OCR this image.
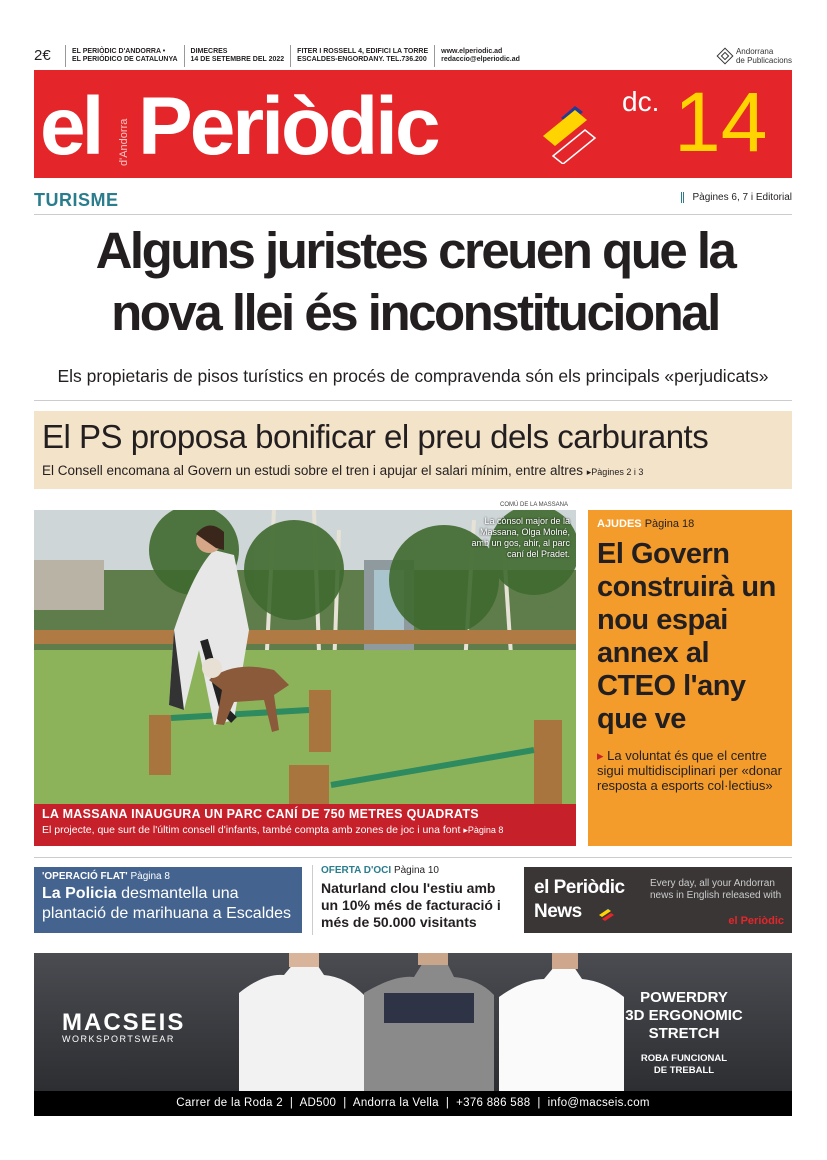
2€	EL PERIÒDIC D'ANDORRA •
EL PERIÓDICO DE CATALUNYA
DIMECRES
14 DE SETEMBRE DEL 2022
FITER I ROSSELL 4, EDIFICI LA TORRE
ESCALDES-ENGORDANY. TEL.736.200
www.elperiodic.ad
redaccio@elperiodic.ad
Andorrana
de Publicacions
el Periòdic
d'Andorra
dc. 14
TURISME	Pàgines 6, 7 i Editorial
Alguns juristes creuen que la
nova llei és inconstitucional
Els propietaris de pisos turístics en procés de compravenda són els principals «perjudicats»
El PS proposa bonificar el preu dels carburants
El Consell encomana al Govern un estudi sobre el tren i apujar el salari mínim, entre altres ▸Pàgines 2 i 3
COMÚ DE LA MASSANA
La cònsol major de la Massana, Olga Molné, amb un gos, ahir, al parc caní del Pradet.
LA MASSANA INAUGURA UN PARC CANÍ DE 750 METRES QUADRATS
El projecte, que surt de l'últim consell d'infants, també compta amb zones de joc i una font ▸Pàgina 8
AJUDES Pàgina 18
El Govern construirà un nou espai annex al CTEO l'any que ve
▸ La voluntat és que el centre sigui multidisciplinari per «donar resposta a esports col·lectius»
'OPERACIÓ FLAT' Pàgina 8
La Policia desmantella una plantació de marihuana a Escaldes
OFERTA D'OCI Pàgina 10
Naturland clou l'estiu amb un 10% més de facturació i més de 50.000 visitants
el Periòdic
News
Every day, all your Andorran news in English released with
el Periòdic
MACSEIS
WORKSPORTSWEAR
POWERDRY
3D ERGONOMIC
STRETCH
ROBA FUNCIONAL
DE TREBALL
Carrer de la Roda 2  |  AD500  |  Andorra la Vella  |  +376 886 588  |  info@macseis.com
